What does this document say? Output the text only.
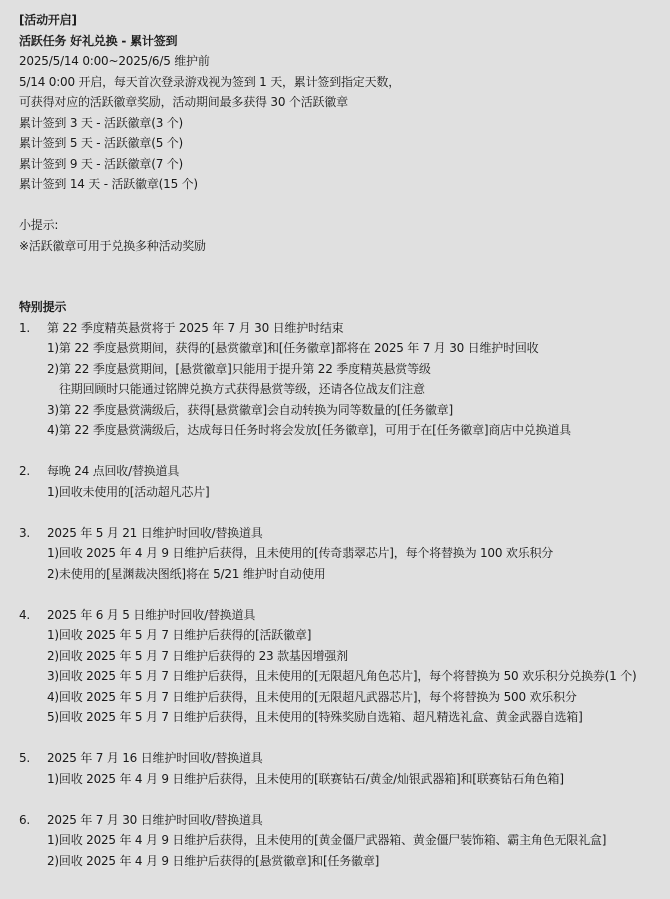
[活动开启]
活跃任务 好礼兑换 - 累计签到
2025/5/14 0:00~2025/6/5 维护前
5/14 0:00 开启，每天首次登录游戏视为签到 1 天，累计签到指定天数，
可获得对应的活跃徽章奖励，活动期间最多获得 30 个活跃徽章
累计签到 3 天 - 活跃徽章(3 个)
累计签到 5 天 - 活跃徽章(5 个)
累计签到 9 天 - 活跃徽章(7 个)
累计签到 14 天 - 活跃徽章(15 个)
小提示:
※活跃徽章可用于兑换多种活动奖励
特别提示
1. 第 22 季度精英悬赏将于 2025 年 7 月 30 日维护时结束
1)第 22 季度悬赏期间，获得的[悬赏徽章]和[任务徽章]都将在 2025 年 7 月 30 日维护时回收
2)第 22 季度悬赏期间，[悬赏徽章]只能用于提升第 22 季度精英悬赏等级
往期回顾时只能通过铭牌兑换方式获得悬赏等级，还请各位战友们注意
3)第 22 季度悬赏满级后，获得[悬赏徽章]会自动转换为同等数量的[任务徽章]
4)第 22 季度悬赏满级后，达成每日任务时将会发放[任务徽章]，可用于在[任务徽章]商店中兑换道具
2. 每晚 24 点回收/替换道具
1)回收未使用的[活动超凡芯片]
3. 2025 年 5 月 21 日维护时回收/替换道具
1)回收 2025 年 4 月 9 日维护后获得，且未使用的[传奇翡翠芯片]，每个将替换为 100 欢乐积分
2)未使用的[星渊裁决图纸]将在 5/21 维护时自动使用
4. 2025 年 6 月 5 日维护时回收/替换道具
1)回收 2025 年 5 月 7 日维护后获得的[活跃徽章]
2)回收 2025 年 5 月 7 日维护后获得的 23 款基因增强剂
3)回收 2025 年 5 月 7 日维护后获得，且未使用的[无限超凡角色芯片]，每个将替换为 50 欢乐积分兑换券(1 个)
4)回收 2025 年 5 月 7 日维护后获得，且未使用的[无限超凡武器芯片]，每个将替换为 500 欢乐积分
5)回收 2025 年 5 月 7 日维护后获得，且未使用的[特殊奖励自选箱、超凡精选礼盒、黄金武器自选箱]
5. 2025 年 7 月 16 日维护时回收/替换道具
1)回收 2025 年 4 月 9 日维护后获得，且未使用的[联赛钻石/黄金/灿银武器箱]和[联赛钻石角色箱]
6. 2025 年 7 月 30 日维护时回收/替换道具
1)回收 2025 年 4 月 9 日维护后获得，且未使用的[黄金僵尸武器箱、黄金僵尸装饰箱、霸主角色无限礼盒]
2)回收 2025 年 4 月 9 日维护后获得的[悬赏徽章]和[任务徽章]
